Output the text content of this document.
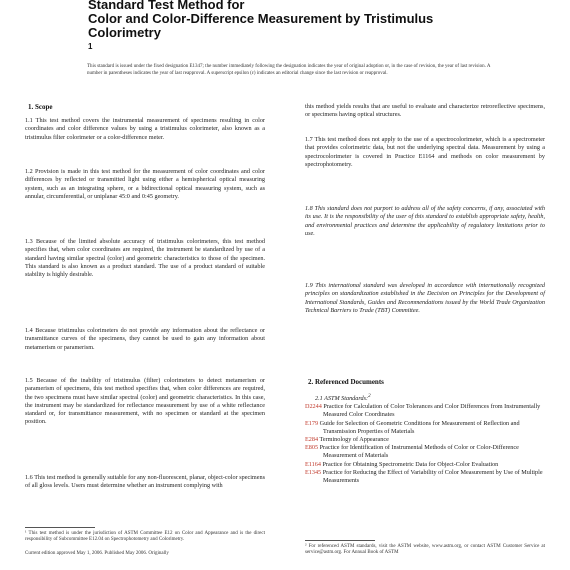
Standard Test Method for
Color and Color-Difference Measurement by Tristimulus
Colorimetry
1
This standard is issued under the fixed designation E1347; the number immediately following the designation indicates the year of original adoption or, in the case of revision, the year of last revision. A number in parentheses indicates the year of last reapproval. A superscript epsilon (ε) indicates an editorial change since the last revision or reapproval.
1. Scope

1.1 This test method covers the instrumental measurement of specimens resulting in color coordinates and color difference values by using a tristimulus colorimeter, also known as a tristimulus filter colorimeter or a color-difference meter.

1.2 Provision is made in this test method for the measurement of color coordinates and color differences by reflected or transmitted light using either a hemispherical optical measuring system, such as an integrating sphere, or a bidirectional optical measuring system, such as annular, circumferential, or uniplanar 45:0 and 0:45 geometry.

1.3 Because of the limited absolute accuracy of tristimulus colorimeters, this test method specifies that, when color coordinates are required, the instrument be standardized by use of a standard having similar spectral (color) and geometric characteristics to those of the specimen. This standard is also known as a product standard. The use of a product standard of suitable stability is highly desirable.

1.4 Because tristimulus colorimeters do not provide any information about the reflectance or transmittance curves of the specimens, they cannot be used to gain any information about metamerism or paramerism.

1.5 Because of the inability of tristimulus (filter) colorimeters to detect metamerism or paramerism of specimens, this test method specifies that, when color differences are required, the two specimens must have similar spectral (color) and geometric characteristics. In this case, the instrument may be standardized for reflectance measurement by use of a white reflectance standard or, for transmittance measurement, with no specimen or standard at the specimen position.

1.6 This test method is generally suitable for any non-fluorescent, planar, object-color specimens of all gloss levels. Users must determine whether an instrument complying with

¹ This test method is under the jurisdiction of ASTM Committee E12 on Color and Appearance and is the direct responsibility of Subcommittee E12.04 on Spectrophotometry and Colorimetry.
Current edition approved May 1, 2006. Published May 2006. Originally

this method yields results that are useful to evaluate and characterize retroreflective specimens, or specimens having optical structures.

1.7 This test method does not apply to the use of a spectrocolorimeter, which is a spectrometer that provides colorimetric data, but not the underlying spectral data. Measurement by using a spectrocolorimeter is covered in Practice E1164 and methods on color measurement by spectrophotometry.

1.8 This standard does not purport to address all of the safety concerns, if any, associated with its use. It is the responsibility of the user of this standard to establish appropriate safety, health, and environmental practices and determine the applicability of regulatory limitations prior to use.

1.9 This international standard was developed in accordance with internationally recognized principles on standardization established in the Decision on Principles for the Development of International Standards, Guides and Recommendations issued by the World Trade Organization Technical Barriers to Trade (TBT) Committee.

2. Referenced Documents
2.1 ASTM Standards:$^2$
D2244 Practice for Calculation of Color Tolerances and Color Differences from Instrumentally Measured Color Coordinates
E179 Guide for Selection of Geometric Conditions for Measurement of Reflection and Transmission Properties of Materials
E284 Terminology of Appearance
E805 Practice for Identification of Instrumental Methods of Color or Color-Difference Measurement of Materials
E1164 Practice for Obtaining Spectrometric Data for Object-Color Evaluation
E1345 Practice for Reducing the Effect of Variability of Color Measurement by Use of Multiple Measurements
² For referenced ASTM standards, visit the ASTM website, www.astm.org, or contact ASTM Customer Service at service@astm.org. For Annual Book of ASTM
